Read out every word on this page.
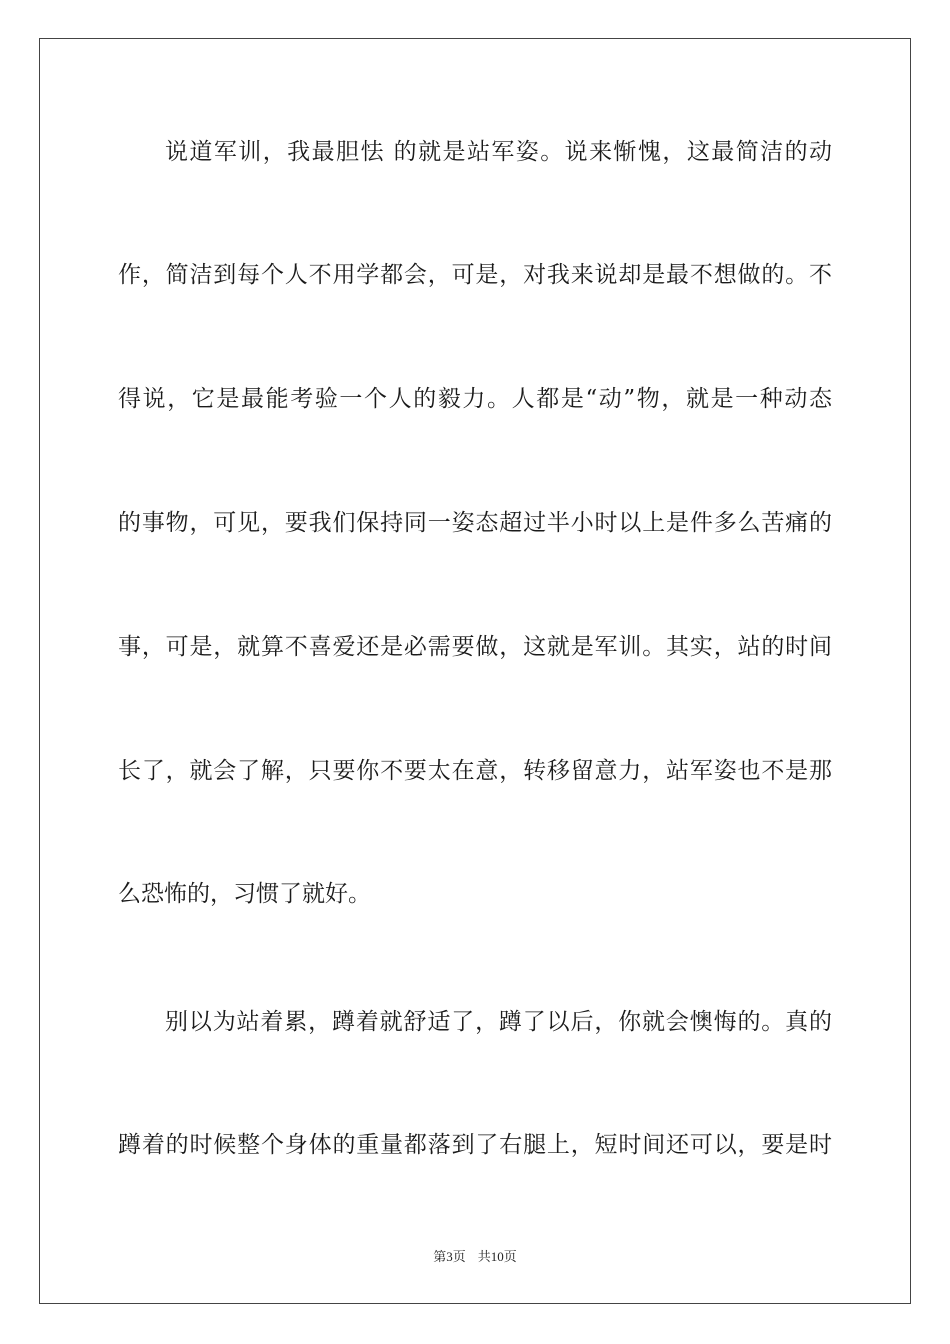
说道军训，我最胆怯 的就是站军姿。说来惭愧，这最简洁的动
作，简洁到每个人不用学都会，可是，对我来说却是最不想做的。不
得说，它是最能考验一个人的毅力。人都是“动”物，就是一种动态
的事物，可见，要我们保持同一姿态超过半小时以上是件多么苦痛的
事，可是，就算不喜爱还是必需要做，这就是军训。其实，站的时间
长了，就会了解，只要你不要太在意，转移留意力，站军姿也不是那
么恐怖的，习惯了就好。
别以为站着累，蹲着就舒适了，蹲了以后，你就会懊悔的。真的
蹲着的时候整个身体的重量都落到了右腿上，短时间还可以，要是时
第3页 共10页
